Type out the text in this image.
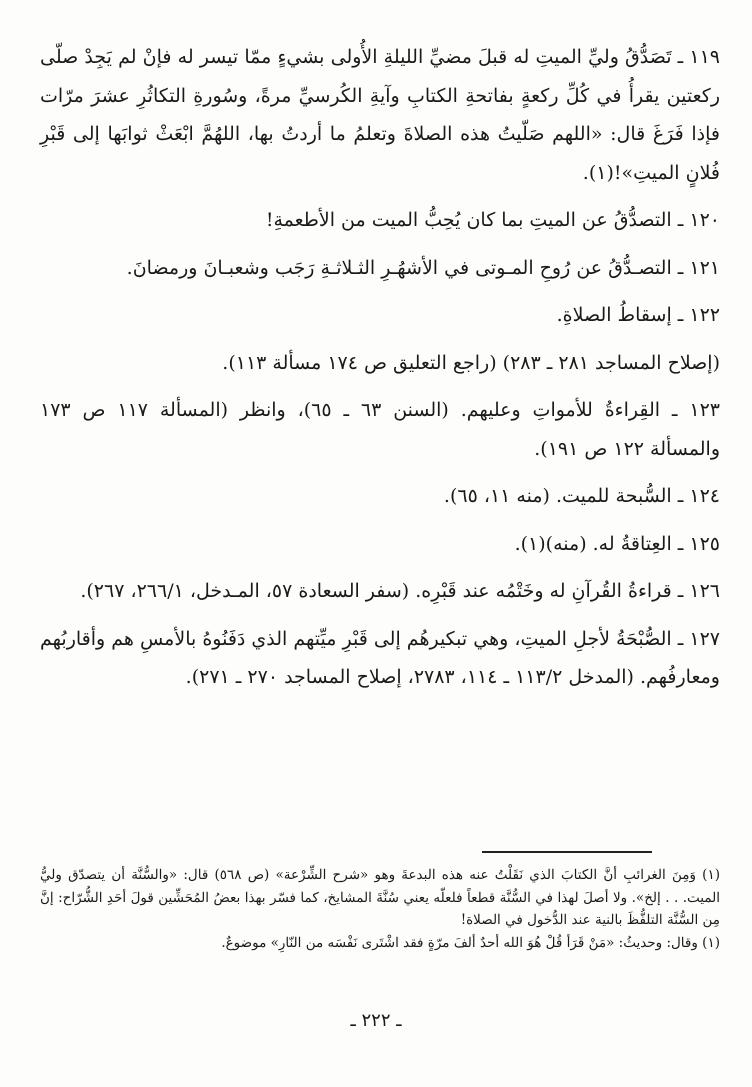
١١٩ ـ تَصَدُّقُ وليِّ الميتِ له قبلَ مضيِّ الليلةِ الأُولى بشيءٍ ممّا تيسر له فإنْ لم يَجِدْ صلّى ركعتين يقرأُ في كُلِّ ركعةٍ بفاتحةِ الكتابِ وآيةِ الكُرسيِّ مرةً، وسُورةِ التكاثُرِ عشرَ مرّات فإذا فَرَغَ قال: «اللهم صَلّيتُ هذه الصلاةَ وتعلمُ ما أردتُ بها، اللهُمَّ ابْعَثْ ثوابَها إلى قَبْرِ فُلانٍ الميتِ»!(١).

١٢٠ ـ التصدُّقُ عن الميتِ بما كان يُحِبُّ الميت من الأطعمةِ!

١٢١ ـ التصـدُّقُ عن رُوحِ المـوتى في الأشهُـرِ الثـلاثـةِ رَجَب وشعبـانَ ورمضانَ.

١٢٢ ـ إسقاطُ الصلاةِ.

(إصلاح المساجد ٢٨١ ـ ٢٨٣) (راجع التعليق ص ١٧٤ مسألة ١١٣).

١٢٣ ـ القِراءةُ للأمواتِ وعليهم. (السنن ٦٣ ـ ٦٥)، وانظر (المسألة ١١٧ ص ١٧٣ والمسألة ١٢٢ ص ١٩١).

١٢٤ ـ السُّبحة للميت. (منه ١١، ٦٥).

١٢٥ ـ العِتاقةُ له. (منه)(١).

١٢٦ ـ قراءةُ القُرآنِ له وخَتْمُه عند قَبْرِه. (سفر السعادة ٥٧، المـدخل، ٢٦٦/١، ٢٦٧).

١٢٧ ـ الصُّبْحَةُ لأجلِ الميتِ، وهي تبكيرهُم إلى قَبْرِ ميِّتهم الذي دَفَنُوهُ بالأمسِ هم وأقاربُهم ومعارفُهم. (المدخل ١١٣/٢ ـ ١١٤، ٢٧٨٣، إصلاح المساجد ٢٧٠ ـ ٢٧١).

(١) وَمِنَ الغرائبِ أنَّ الكتابَ الذي نَقَلْتُ عنه هذه البدعةَ وهو «شرح الشِّرْعة» (ص ٥٦٨) قال: «والسُّنَّة أن يتصدّق وليُّ الميت. . . إلخ». ولا أصلَ لهذا في السُّنَّة قطعاً فلعلّه يعني سُنَّةَ المشايخ، كما فسّر بهذا بعضُ المُحَشِّين قولَ أحَدِ الشُّرّاح: إنَّ مِن السُّنَّة التلفُّظَ بالنية عند الدُّخول في الصلاة!

(١) وقال: وحديثُ: «مَنْ قَرَأ قُلْ هُوَ الله أحدٌ ألفَ مرّةٍ فقد اشْتَرى نَفْسَه من النّارِ» موضوعٌ.

ـ ٢٢٢ ـ
